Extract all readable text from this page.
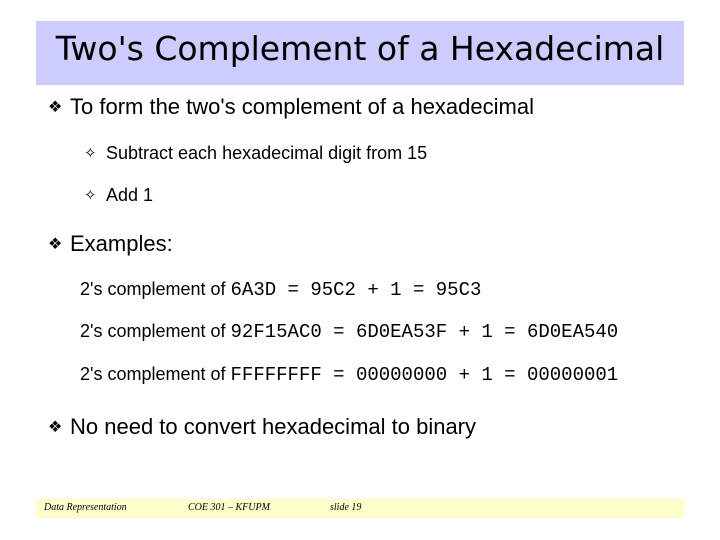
Two's Complement of a Hexadecimal
❖ To form the two's complement of a hexadecimal
✧ Subtract each hexadecimal digit from 15
✧ Add 1
❖ Examples:
2's complement of 6A3D = 95C2 + 1 = 95C3
2's complement of 92F15AC0 = 6D0EA53F + 1 = 6D0EA540
2's complement of FFFFFFFF = 00000000 + 1 = 00000001
❖ No need to convert hexadecimal to binary
Data Representation	COE 301 – KFUPM	slide 19
